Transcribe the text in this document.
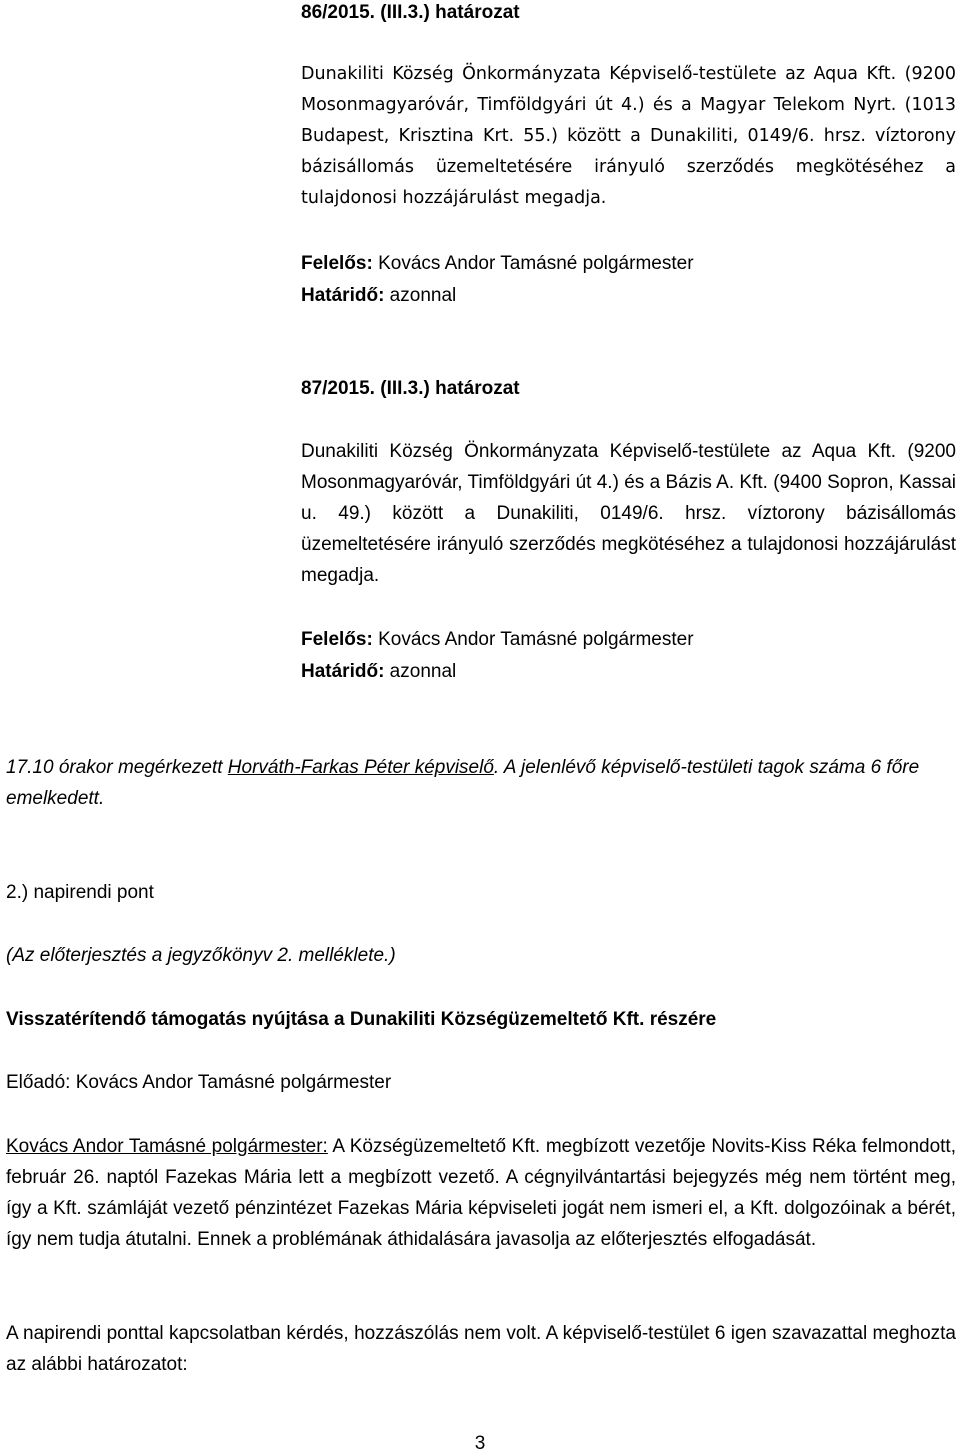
86/2015. (III.3.) határozat
Dunakiliti Község Önkormányzata Képviselő-testülete az Aqua Kft. (9200 Mosonmagyaróvár, Timföldgyári út 4.) és a Magyar Telekom Nyrt. (1013 Budapest, Krisztina Krt. 55.) között a Dunakiliti, 0149/6. hrsz. víztorony bázisállomás üzemeltetésére irányuló szerződés megkötéséhez a tulajdonosi hozzájárulást megadja.
Felelős: Kovács Andor Tamásné polgármester
Határidő: azonnal
87/2015. (III.3.) határozat
Dunakiliti Község Önkormányzata Képviselő-testülete az Aqua Kft. (9200 Mosonmagyaróvár, Timföldgyári út 4.) és a Bázis A. Kft. (9400 Sopron, Kassai u. 49.) között a Dunakiliti, 0149/6. hrsz. víztorony bázisállomás üzemeltetésére irányuló szerződés megkötéséhez a tulajdonosi hozzájárulást megadja.
Felelős: Kovács Andor Tamásné polgármester
Határidő: azonnal
17.10 órakor megérkezett Horváth-Farkas Péter képviselő. A jelenlévő képviselő-testületi tagok száma 6 főre emelkedett.
2.) napirendi pont
(Az előterjesztés a jegyzőkönyv 2. melléklete.)
Visszatérítendő támogatás nyújtása a Dunakiliti Községüzemeltető Kft. részére
Előadó: Kovács Andor Tamásné polgármester
Kovács Andor Tamásné polgármester: A Községüzemeltető Kft. megbízott vezetője Novits-Kiss Réka felmondott, február 26. naptól Fazekas Mária lett a megbízott vezető. A cégnyilvántartási bejegyzés még nem történt meg, így a Kft. számláját vezető pénzintézet Fazekas Mária képviseleti jogát nem ismeri el, a Kft. dolgozóinak a bérét, így nem tudja átutalni. Ennek a problémának áthidalására javasolja az előterjesztés elfogadását.
A napirendi ponttal kapcsolatban kérdés, hozzászólás nem volt. A képviselő-testület 6 igen szavazattal meghozta az alábbi határozatot:
3
